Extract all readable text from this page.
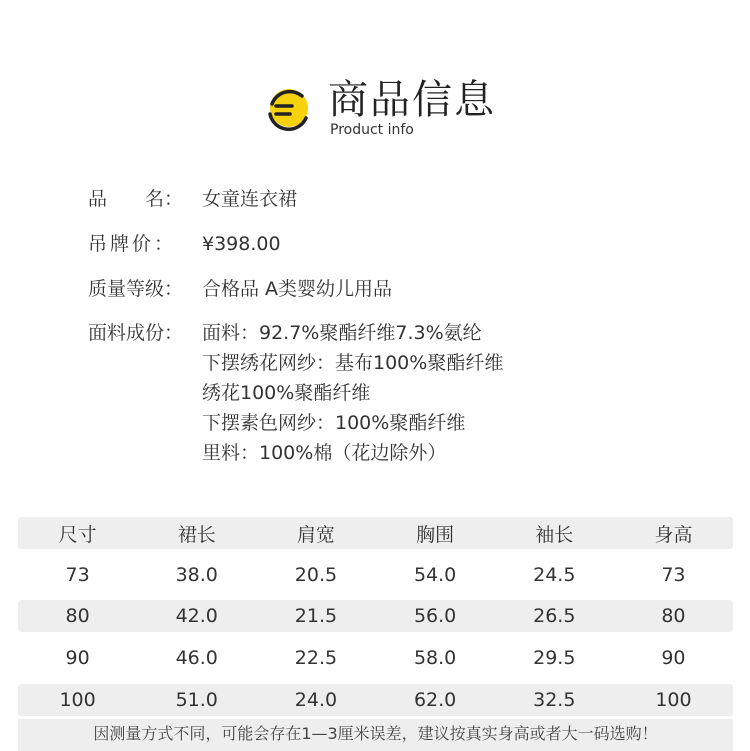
商品信息
Product info
品　　名： 女童连衣裙
吊牌价：	¥398.00
质量等级： 合格品 A类婴幼儿用品
面料成份： 面料：92.7%聚酯纤维7.3%氨纶
下摆绣花网纱：基布100%聚酯纤维
绣花100%聚酯纤维
下摆素色网纱：100%聚酯纤维
里料：100%棉（花边除外）
尺寸	裙长	肩宽	胸围	袖长	身高
73	38.0	20.5	54.0	24.5	73
80	42.0	21.5	56.0	26.5	80
90	46.0	22.5	58.0	29.5	90
100	51.0	24.0	62.0	32.5	100
因测量方式不同，可能会存在1—3厘米误差，建议按真实身高或者大一码选购！
